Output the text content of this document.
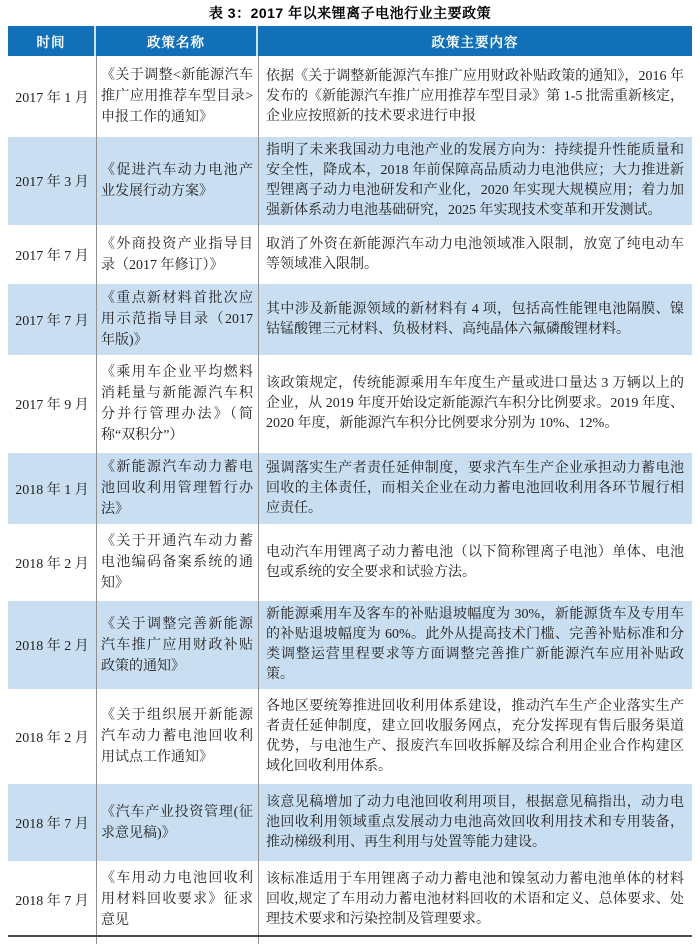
表 3：2017 年以来锂离子电池行业主要政策
时间	政策名称	政策主要内容
2017 年 1 月
《关于调整<新能源汽车推广应用推荐车型目录>申报工作的通知》
依据《关于调整新能源汽车推广应用财政补贴政策的通知》，2016 年发布的《新能源汽车推广应用推荐车型目录》第 1-5 批需重新核定，企业应按照新的技术要求进行申报
2017 年 3 月
《促进汽车动力电池产业发展行动方案》
指明了未来我国动力电池产业的发展方向为：持续提升性能质量和安全性，降成本，2018 年前保障高品质动力电池供应；大力推进新型锂离子动力电池研发和产业化，2020 年实现大规模应用；着力加强新体系动力电池基础研究，2025 年实现技术变革和开发测试。
2017 年 7 月
《外商投资产业指导目录（2017 年修订）》
取消了外资在新能源汽车动力电池领域准入限制，放宽了纯电动车等领域准入限制。
2017 年 7 月
《重点新材料首批次应用示范指导目录（2017 年版)》
其中涉及新能源领域的新材料有 4 项，包括高性能锂电池隔膜、镍钴锰酸锂三元材料、负极材料、高纯晶体六氟磷酸锂材料。
2017 年 9 月
《乘用车企业平均燃料消耗量与新能源汽车积分并行管理办法》（简称“双积分”）
该政策规定，传统能源乘用车年度生产量或进口量达 3 万辆以上的企业，从 2019 年度开始设定新能源汽车积分比例要求。2019 年度、2020 年度，新能源汽车积分比例要求分别为 10%、12%。
2018 年 1 月
《新能源汽车动力蓄电池回收利用管理暂行办法》
强调落实生产者责任延伸制度，要求汽车生产企业承担动力蓄电池回收的主体责任，而相关企业在动力蓄电池回收利用各环节履行相应责任。
2018 年 2 月
《关于开通汽车动力蓄电池编码备案系统的通知》
电动汽车用锂离子动力蓄电池（以下简称锂离子电池）单体、电池包或系统的安全要求和试验方法。
2018 年 2 月
《关于调整完善新能源汽车推广应用财政补贴政策的通知》
新能源乘用车及客车的补贴退坡幅度为 30%，新能源货车及专用车的补贴退坡幅度为 60%。此外从提高技术门槛、完善补贴标准和分类调整运营里程要求等方面调整完善推广新能源汽车应用补贴政策。
2018 年 2 月
《关于组织展开新能源汽车动力蓄电池回收利用试点工作通知》
各地区要统筹推进回收利用体系建设，推动汽车生产企业落实生产者责任延伸制度，建立回收服务网点，充分发挥现有售后服务渠道优势，与电池生产、报废汽车回收拆解及综合利用企业合作构建区域化回收利用体系。
2018 年 7 月
《汽车产业投资管理(征求意见稿)》
该意见稿增加了动力电池回收利用项目，根据意见稿指出，动力电池回收利用领域重点发展动力电池高效回收利用技术和专用装备，推动梯级利用、再生利用与处置等能力建设。
2018 年 7 月
《车用动力电池回收利用材料回收要求》征求意见
该标准适用于车用锂离子动力蓄电池和镍氢动力蓄电池单体的材料回收,规定了车用动力蓄电池材料回收的术语和定义、总体要求、处理技术要求和污染控制及管理要求。
